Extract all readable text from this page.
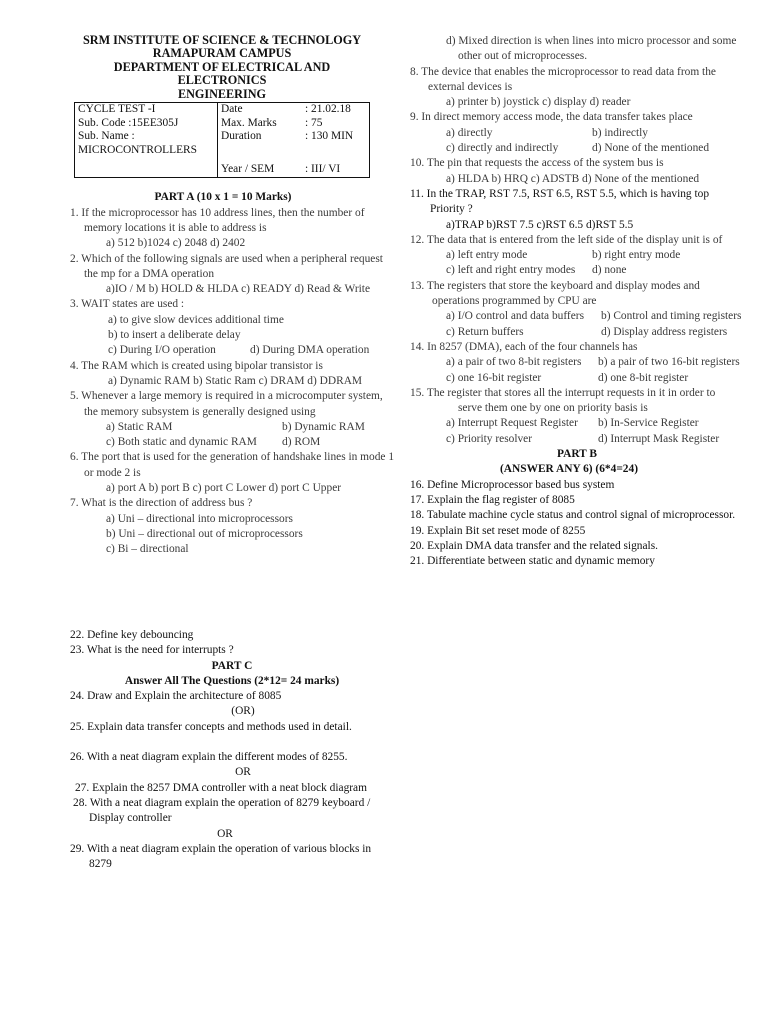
SRM INSTITUTE OF SCIENCE & TECHNOLOGY
RAMAPURAM CAMPUS
DEPARTMENT OF ELECTRICAL AND ELECTRONICS
ENGINEERING
CYCLE TEST -I	Date : 21.02.18

Sub. Code :15EE305J	Max. Marks : 75

Sub. Name :	Duration : 130 MIN

MICROCONTROLLERS	

	Year / SEM : III/ VI
PART A (10 x 1 = 10 Marks)
1. If the microprocessor has 10 address lines, then the number of
memory locations it is able to address is
a) 512 b)1024 c) 2048 d) 2402
2. Which of the following signals are used when a peripheral request
the mp for a DMA operation
a)IO / M b) HOLD & HLDA c) READY d) Read & Write
3. WAIT states are used :
a) to give slow devices additional time
b) to insert a deliberate delay
c) During I/O operation	d) During DMA operation
4. The RAM which is created using bipolar transistor is
a) Dynamic RAM b) Static Ram c) DRAM d) DDRAM
5. Whenever a large memory is required in a microcomputer system,
the memory subsystem is generally designed using
a) Static RAM	b) Dynamic RAM
c) Both static and dynamic RAM	d) ROM
6. The port that is used for the generation of handshake lines in mode 1
or mode 2 is
a) port A b) port B c) port C Lower d) port C Upper
7. What is the direction of address bus ?
a) Uni – directional into microprocessors
b) Uni – directional out of microprocessors
c) Bi – directional
22. Define key debouncing
23. What is the need for interrupts ?
PART C
Answer All The Questions (2*12= 24 marks)
24. Draw and Explain the architecture of 8085
(OR)
25. Explain data transfer concepts and methods used in detail.
26. With a neat diagram explain the different modes of 8255.
OR
27. Explain the 8257 DMA controller with a neat block diagram
28. With a neat diagram explain the operation of 8279 keyboard /
Display controller
OR
29. With a neat diagram explain the operation of various blocks in
8279
d) Mixed direction is when lines into micro processor and some
other out of microprocesses.
8. The device that enables the microprocessor to read data from the
external devices is
a) printer b) joystick c) display d) reader
9. In direct memory access mode, the data transfer takes place
a) directly	b) indirectly
c) directly and indirectly	d) None of the mentioned
10. The pin that requests the access of the system bus is
a) HLDA b) HRQ c) ADSTB d) None of the mentioned
11. In the TRAP, RST 7.5, RST 6.5, RST 5.5, which is having top
Priority ?
a)TRAP b)RST 7.5 c)RST 6.5 d)RST 5.5
12. The data that is entered from the left side of the display unit is of
a) left entry mode	b) right entry mode
c) left and right entry modes	d) none
13. The registers that store the keyboard and display modes and
operations programmed by CPU are
a) I/O control and data buffers	b) Control and timing registers
c) Return buffers	d) Display address registers
14. In 8257 (DMA), each of the four channels has
a) a pair of two 8-bit registers	b) a pair of two 16-bit registers
c) one 16-bit register	d) one 8-bit register
15. The register that stores all the interrupt requests in it in order to
serve them one by one on priority basis is
a) Interrupt Request Register	b) In-Service Register
c) Priority resolver	d) Interrupt Mask Register
PART B
(ANSWER ANY 6) (6*4=24)
16. Define Microprocessor based bus system
17. Explain the flag register of 8085
18. Tabulate machine cycle status and control signal of microprocessor.
19. Explain Bit set reset mode of 8255
20. Explain DMA data transfer and the related signals.
21. Differentiate between static and dynamic memory
